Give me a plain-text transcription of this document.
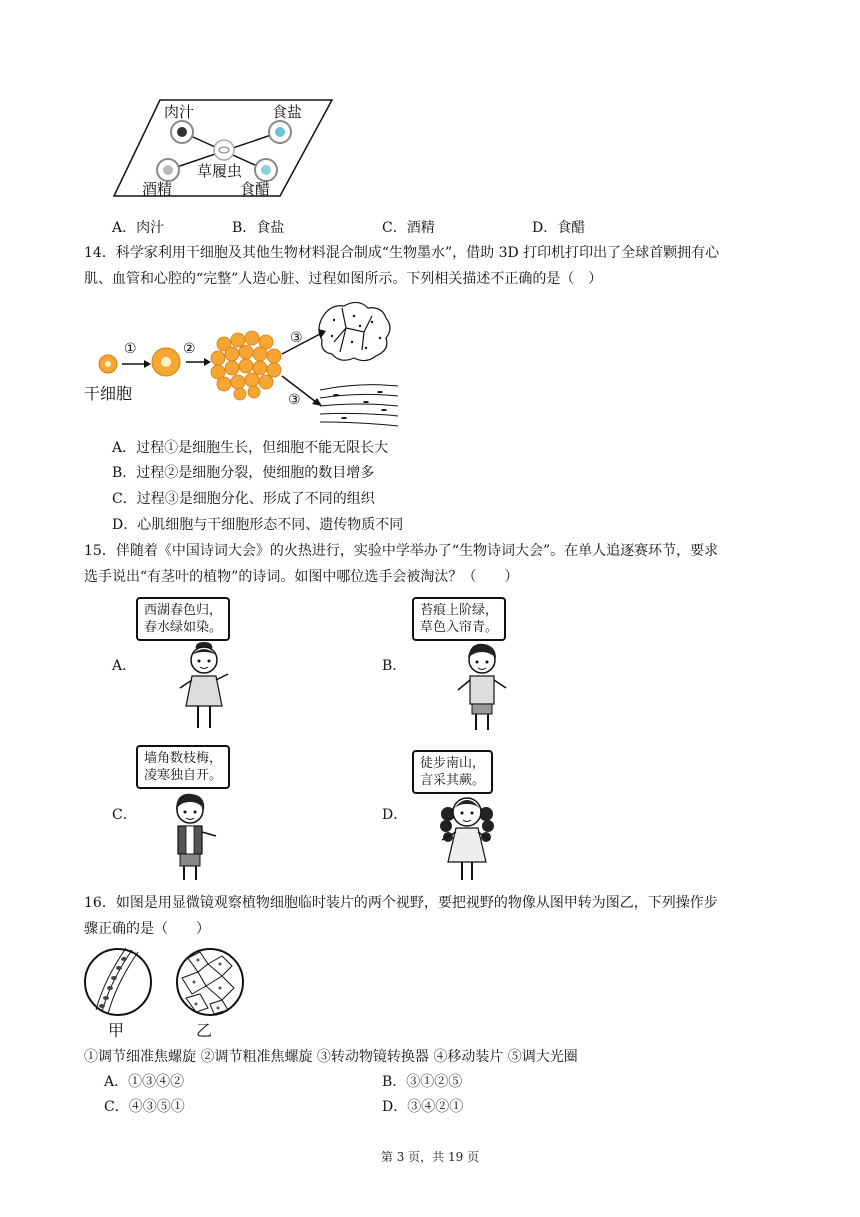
肉汁	食盐
草履虫
酒精	食醋
A．肉汁	B．食盐	C．酒精	D．食醋
14．科学家利用干细胞及其他生物材料混合制成“生物墨水”，借助 3D 打印机打印出了全球首颗拥有心
肌、血管和心腔的“完整”人造心脏、过程如图所示。下列相关描述不正确的是（　）
①	②
③
③
干细胞
A．过程①是细胞生长，但细胞不能无限长大
B．过程②是细胞分裂，使细胞的数目增多
C．过程③是细胞分化、形成了不同的组织
D．心肌细胞与干细胞形态不同、遗传物质不同
15．伴随着《中国诗词大会》的火热进行，实验中学举办了“生物诗词大会”。在单人追逐赛环节，要求
选手说出“有茎叶的植物”的诗词。如图中哪位选手会被淘汰？（　　）
A．
西湖春色归，
春水绿如染。
B．
苔痕上阶绿，
草色入帘青。
C．
墙角数枝梅，
凌寒独自开。
D．
徒步南山，
言采其蕨。
16．如图是用显微镜观察植物细胞临时装片的两个视野，要把视野的物像从图甲转为图乙，下列操作步
骤正确的是（　　）
甲	乙
①调节细准焦螺旋 ②调节粗准焦螺旋 ③转动物镜转换器 ④移动装片 ⑤调大光圈
A．①③④②	B．③①②⑤
C．④③⑤①	D．③④②①
第 3 页，共 19 页
